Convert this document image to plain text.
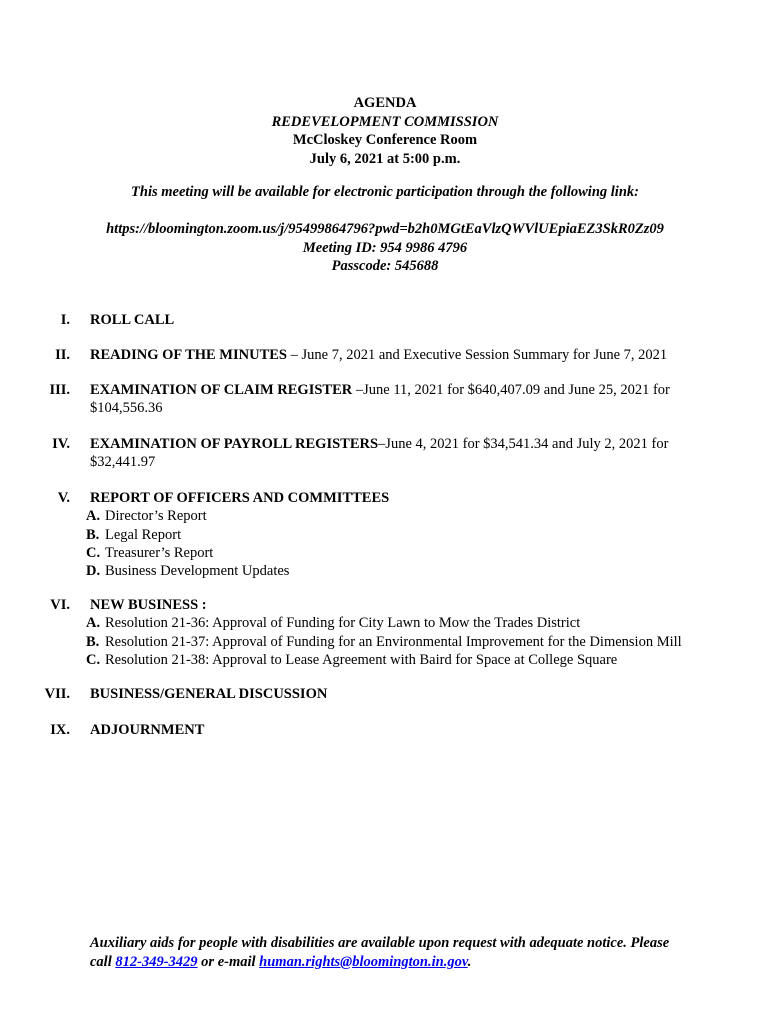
AGENDA
REDEVELOPMENT COMMISSION
McCloskey Conference Room
July 6, 2021 at 5:00 p.m.
This meeting will be available for electronic participation through the following link:
https://bloomington.zoom.us/j/95499864796?pwd=b2h0MGtEaVlzQWVlUEpiaEZ3SkR0Zz09
Meeting ID: 954 9986 4796
Passcode: 545688
I. ROLL CALL
II. READING OF THE MINUTES – June 7, 2021 and Executive Session Summary for June 7, 2021
III. EXAMINATION OF CLAIM REGISTER –June 11, 2021 for $640,407.09 and June 25, 2021 for
$104,556.36
IV. EXAMINATION OF PAYROLL REGISTERS–June 4, 2021 for $34,541.34 and July 2, 2021 for
$32,441.97
V. REPORT OF OFFICERS AND COMMITTEES
A. Director’s Report
B. Legal Report
C. Treasurer’s Report
D. Business Development Updates
VI. NEW BUSINESS :
A. Resolution 21-36: Approval of Funding for City Lawn to Mow the Trades District
B. Resolution 21-37: Approval of Funding for an Environmental Improvement for the Dimension Mill
C. Resolution 21-38: Approval to Lease Agreement with Baird for Space at College Square
VII. BUSINESS/GENERAL DISCUSSION
IX. ADJOURNMENT
Auxiliary aids for people with disabilities are available upon request with adequate notice. Please
call 812-349-3429 or e-mail human.rights@bloomington.in.gov.
